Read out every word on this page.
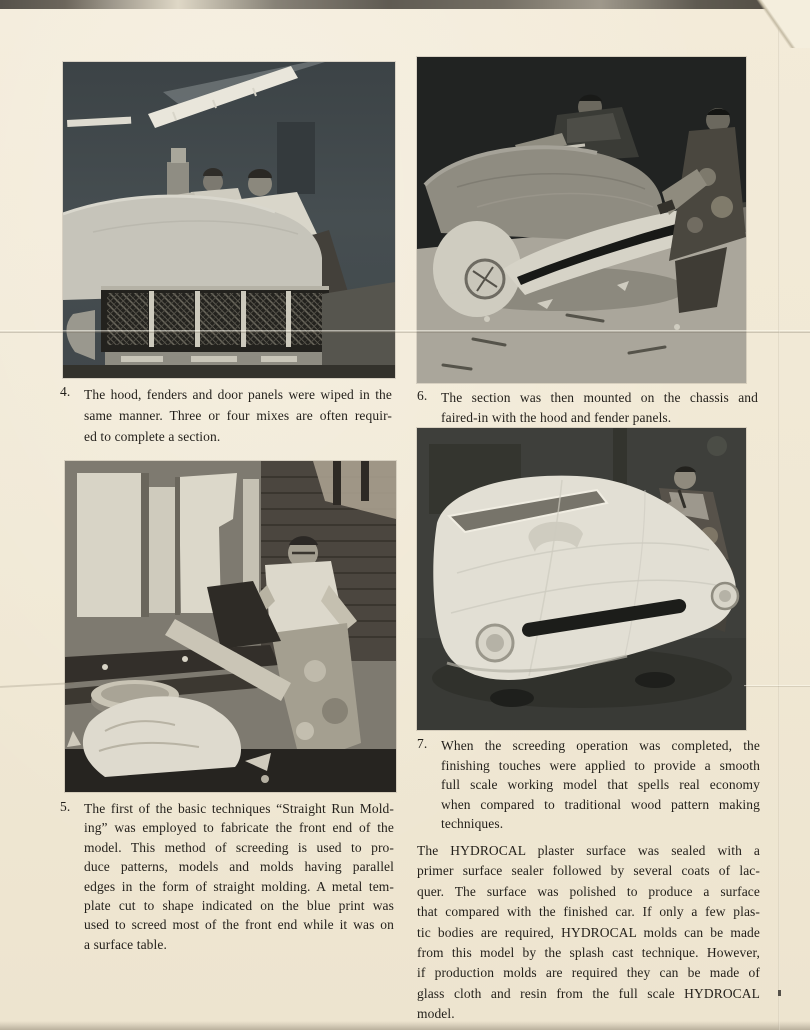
4. The hood, fenders and door panels were wiped in the
same manner. Three or four mixes are often requir-
ed to complete a section.
6. The section was then mounted on the chassis and
faired-in with the hood and fender panels.
5. The first of the basic techniques “Straight Run Mold-
ing” was employed to fabricate the front end of the
model. This method of screeding is used to pro-
duce patterns, models and molds having parallel
edges in the form of straight molding. A metal tem-
plate cut to shape indicated on the blue print was
used to screed most of the front end while it was on
a surface table.
7. When the screeding operation was completed, the
finishing touches were applied to provide a smooth
full scale working model that spells real economy
when compared to traditional wood pattern making
techniques.
The HYDROCAL plaster surface was sealed with a
primer surface sealer followed by several coats of lac-
quer. The surface was polished to produce a surface
that compared with the finished car. If only a few plas-
tic bodies are required, HYDROCAL molds can be made
from this model by the splash cast technique. However,
if production molds are required they can be made of
glass cloth and resin from the full scale HYDROCAL
model.
